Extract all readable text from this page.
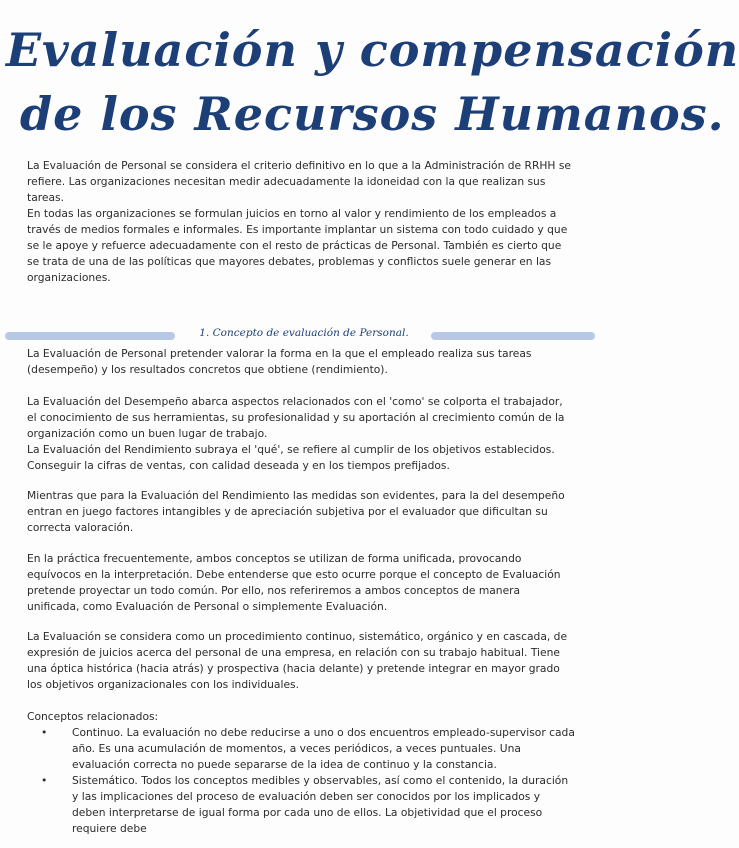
Evaluación y compensación
de los Recursos Humanos.

La Evaluación de Personal se considera el criterio definitivo en lo que a la Administración de RRHH se refiere. Las organizaciones necesitan medir adecuadamente la idoneidad con la que realizan sus tareas.

En todas las organizaciones se formulan juicios en torno al valor y rendimiento de los empleados a través de medios formales e informales. Es importante implantar un sistema con todo cuidado y que se le apoye y refuerce adecuadamente con el resto de prácticas de Personal. También es cierto que se trata de una de las políticas que mayores debates, problemas y conflictos suele generar en las organizaciones.

1. Concepto de evaluación de Personal.

La Evaluación de Personal pretender valorar la forma en la que el empleado realiza sus tareas (desempeño) y los resultados concretos que obtiene (rendimiento).

La Evaluación del Desempeño abarca aspectos relacionados con el 'como' se colporta el trabajador, el conocimiento de sus herramientas, su profesionalidad y su aportación al crecimiento común de la organización como un buen lugar de trabajo.

La Evaluación del Rendimiento subraya el 'qué', se refiere al cumplir de los objetivos establecidos. Conseguir la cifras de ventas, con calidad deseada y en los tiempos prefijados.

Mientras que para la Evaluación del Rendimiento las medidas son evidentes, para la del desempeño entran en juego factores intangibles y de apreciación subjetiva por el evaluador que dificultan su correcta valoración.

En la práctica frecuentemente, ambos conceptos se utilizan de forma unificada, provocando equívocos en la interpretación. Debe entenderse que esto ocurre porque el concepto de Evaluación pretende proyectar un todo común. Por ello, nos referiremos a ambos conceptos de manera unificada, como Evaluación de Personal o simplemente Evaluación.

La Evaluación se considera como un procedimiento continuo, sistemático, orgánico y en cascada, de expresión de juicios acerca del personal de una empresa, en relación con su trabajo habitual. Tiene una óptica histórica (hacia atrás) y prospectiva (hacia delante) y pretende integrar en mayor grado los objetivos organizacionales con los individuales.

Conceptos relacionados:

• Continuo. La evaluación no debe reducirse a uno o dos encuentros empleado-supervisor cada año. Es una acumulación de momentos, a veces periódicos, a veces puntuales. Una evaluación correcta no puede separarse de la idea de continuo y la constancia.
• Sistemático. Todos los conceptos medibles y observables, así como el contenido, la duración y las implicaciones del proceso de evaluación deben ser conocidos por los implicados y deben interpretarse de igual forma por cada uno de ellos. La objetividad que el proceso requiere debe
